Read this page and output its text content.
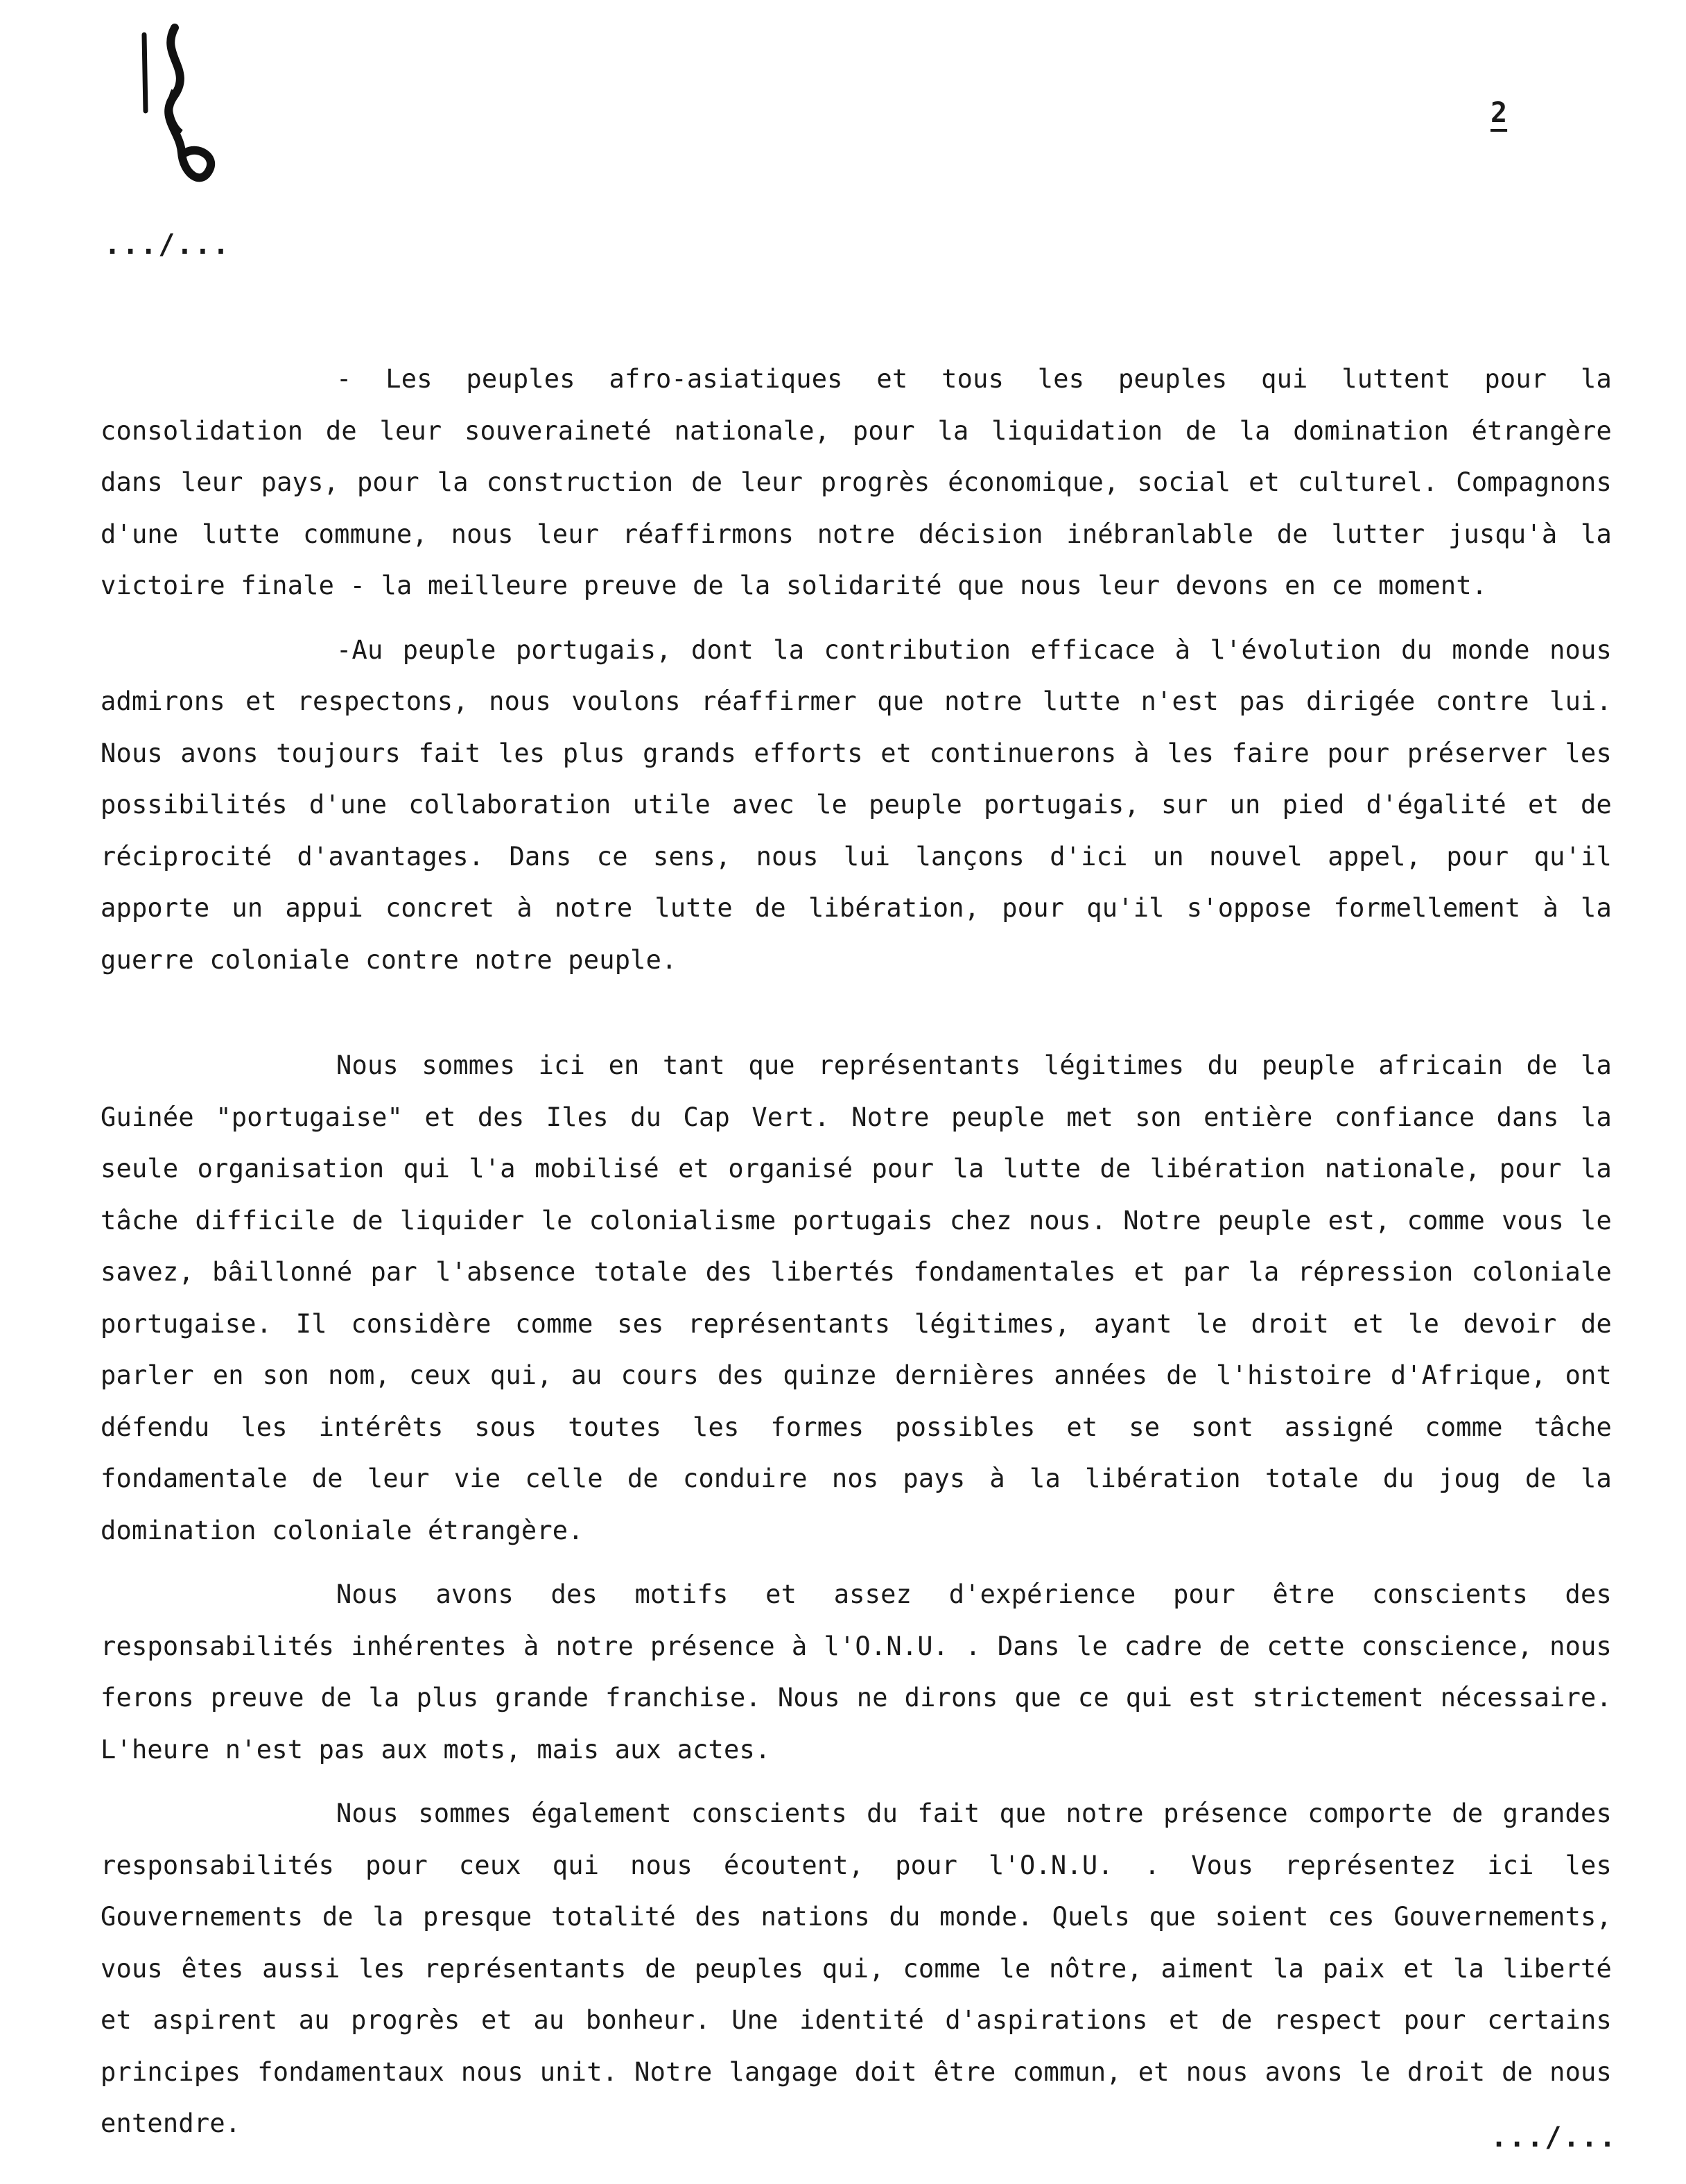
2
.../...

- Les peuples afro-asiatiques et tous les peuples qui luttent pour la consolidation de leur souveraineté nationale, pour la liquidation de la domination étrangère dans leur pays, pour la construction de leur progrès économique, social et culturel. Compagnons d'une lutte commune, nous leur réaffirmons notre décision inébranlable de lutter jusqu'à la victoire finale - la meilleure preuve de la solidarité que nous leur devons en ce moment.

-Au peuple portugais, dont la contribution efficace à l'évolution du monde nous admirons et respectons, nous voulons réaffirmer que notre lutte n'est pas dirigée contre lui. Nous avons toujours fait les plus grands efforts et continuerons à les faire pour préserver les possibilités d'une collaboration utile avec le peuple portugais, sur un pied d'égalité et de réciprocité d'avantages. Dans ce sens, nous lui lançons d'ici un nouvel appel, pour qu'il apporte un appui concret à notre lutte de libération, pour qu'il s'oppose formellement à la guerre coloniale contre notre peuple.

Nous sommes ici en tant que représentants légitimes du peuple africain de la Guinée "portugaise" et des Iles du Cap Vert. Notre peuple met son entière confiance dans la seule organisation qui l'a mobilisé et organisé pour la lutte de libération nationale, pour la tâche difficile de liquider le colonialisme portugais chez nous. Notre peuple est, comme vous le savez, bâillonné par l'absence totale des libertés fondamentales et par la répression coloniale portugaise. Il considère comme ses représentants légitimes, ayant le droit et le devoir de parler en son nom, ceux qui, au cours des quinze dernières années de l'histoire d'Afrique, ont défendu les intérêts sous toutes les formes possibles et se sont assigné comme tâche fondamentale de leur vie celle de conduire nos pays à la libération totale du joug de la domination coloniale étrangère.

Nous avons des motifs et assez d'expérience pour être conscients des responsabilités inhérentes à notre présence à l'O.N.U. . Dans le cadre de cette conscience, nous ferons preuve de la plus grande franchise. Nous ne dirons que ce qui est strictement nécessaire. L'heure n'est pas aux mots, mais aux actes.

Nous sommes également conscients du fait que notre présence comporte de grandes responsabilités pour ceux qui nous écoutent, pour l'O.N.U. . Vous représentez ici les Gouvernements de la presque totalité des nations du monde. Quels que soient ces Gouvernements, vous êtes aussi les représentants de peuples qui, comme le nôtre, aiment la paix et la liberté et aspirent au progrès et au bonheur. Une identité d'aspirations et de respect pour certains principes fondamentaux nous unit. Notre langage doit être commun, et nous avons le droit de nous entendre.	.../...
